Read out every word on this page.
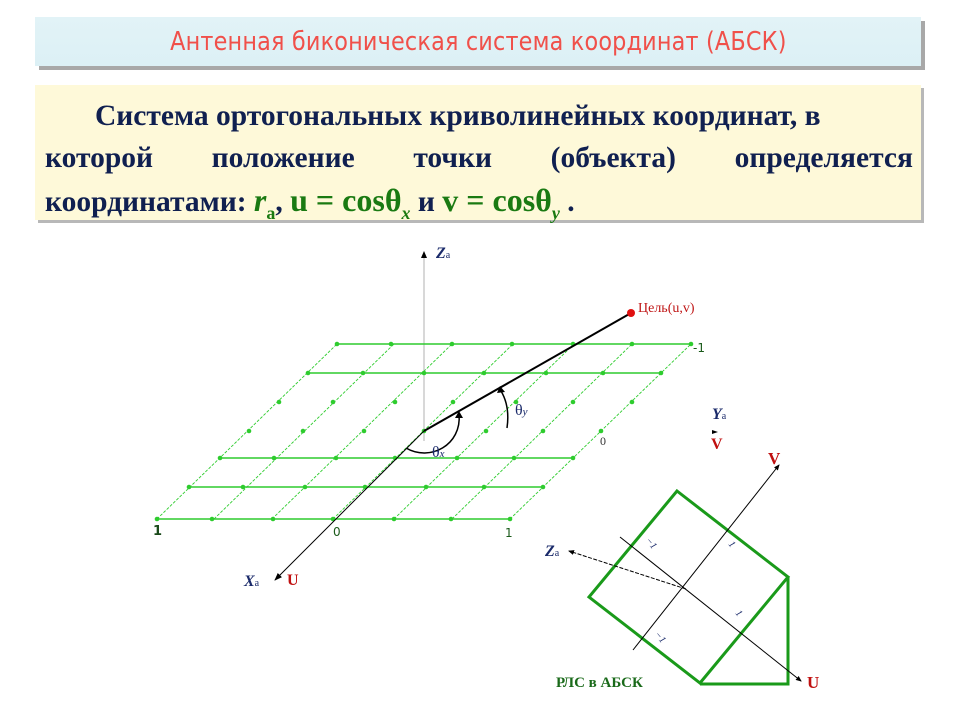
Антенная биконическая система координат (АБСК)
Система ортогональных криволинейных координат, в
которой положение точки (объекта) определяется
координатами: $r_а$, u = cosθ$_x$ и v = cosθ$_y$ .
Za
Цель(u,v)
-1
θy
θx
0
1	0	1
Xa U
Ya
V
V
Za
U
−1	1
1
−1
РЛС в АБСК
